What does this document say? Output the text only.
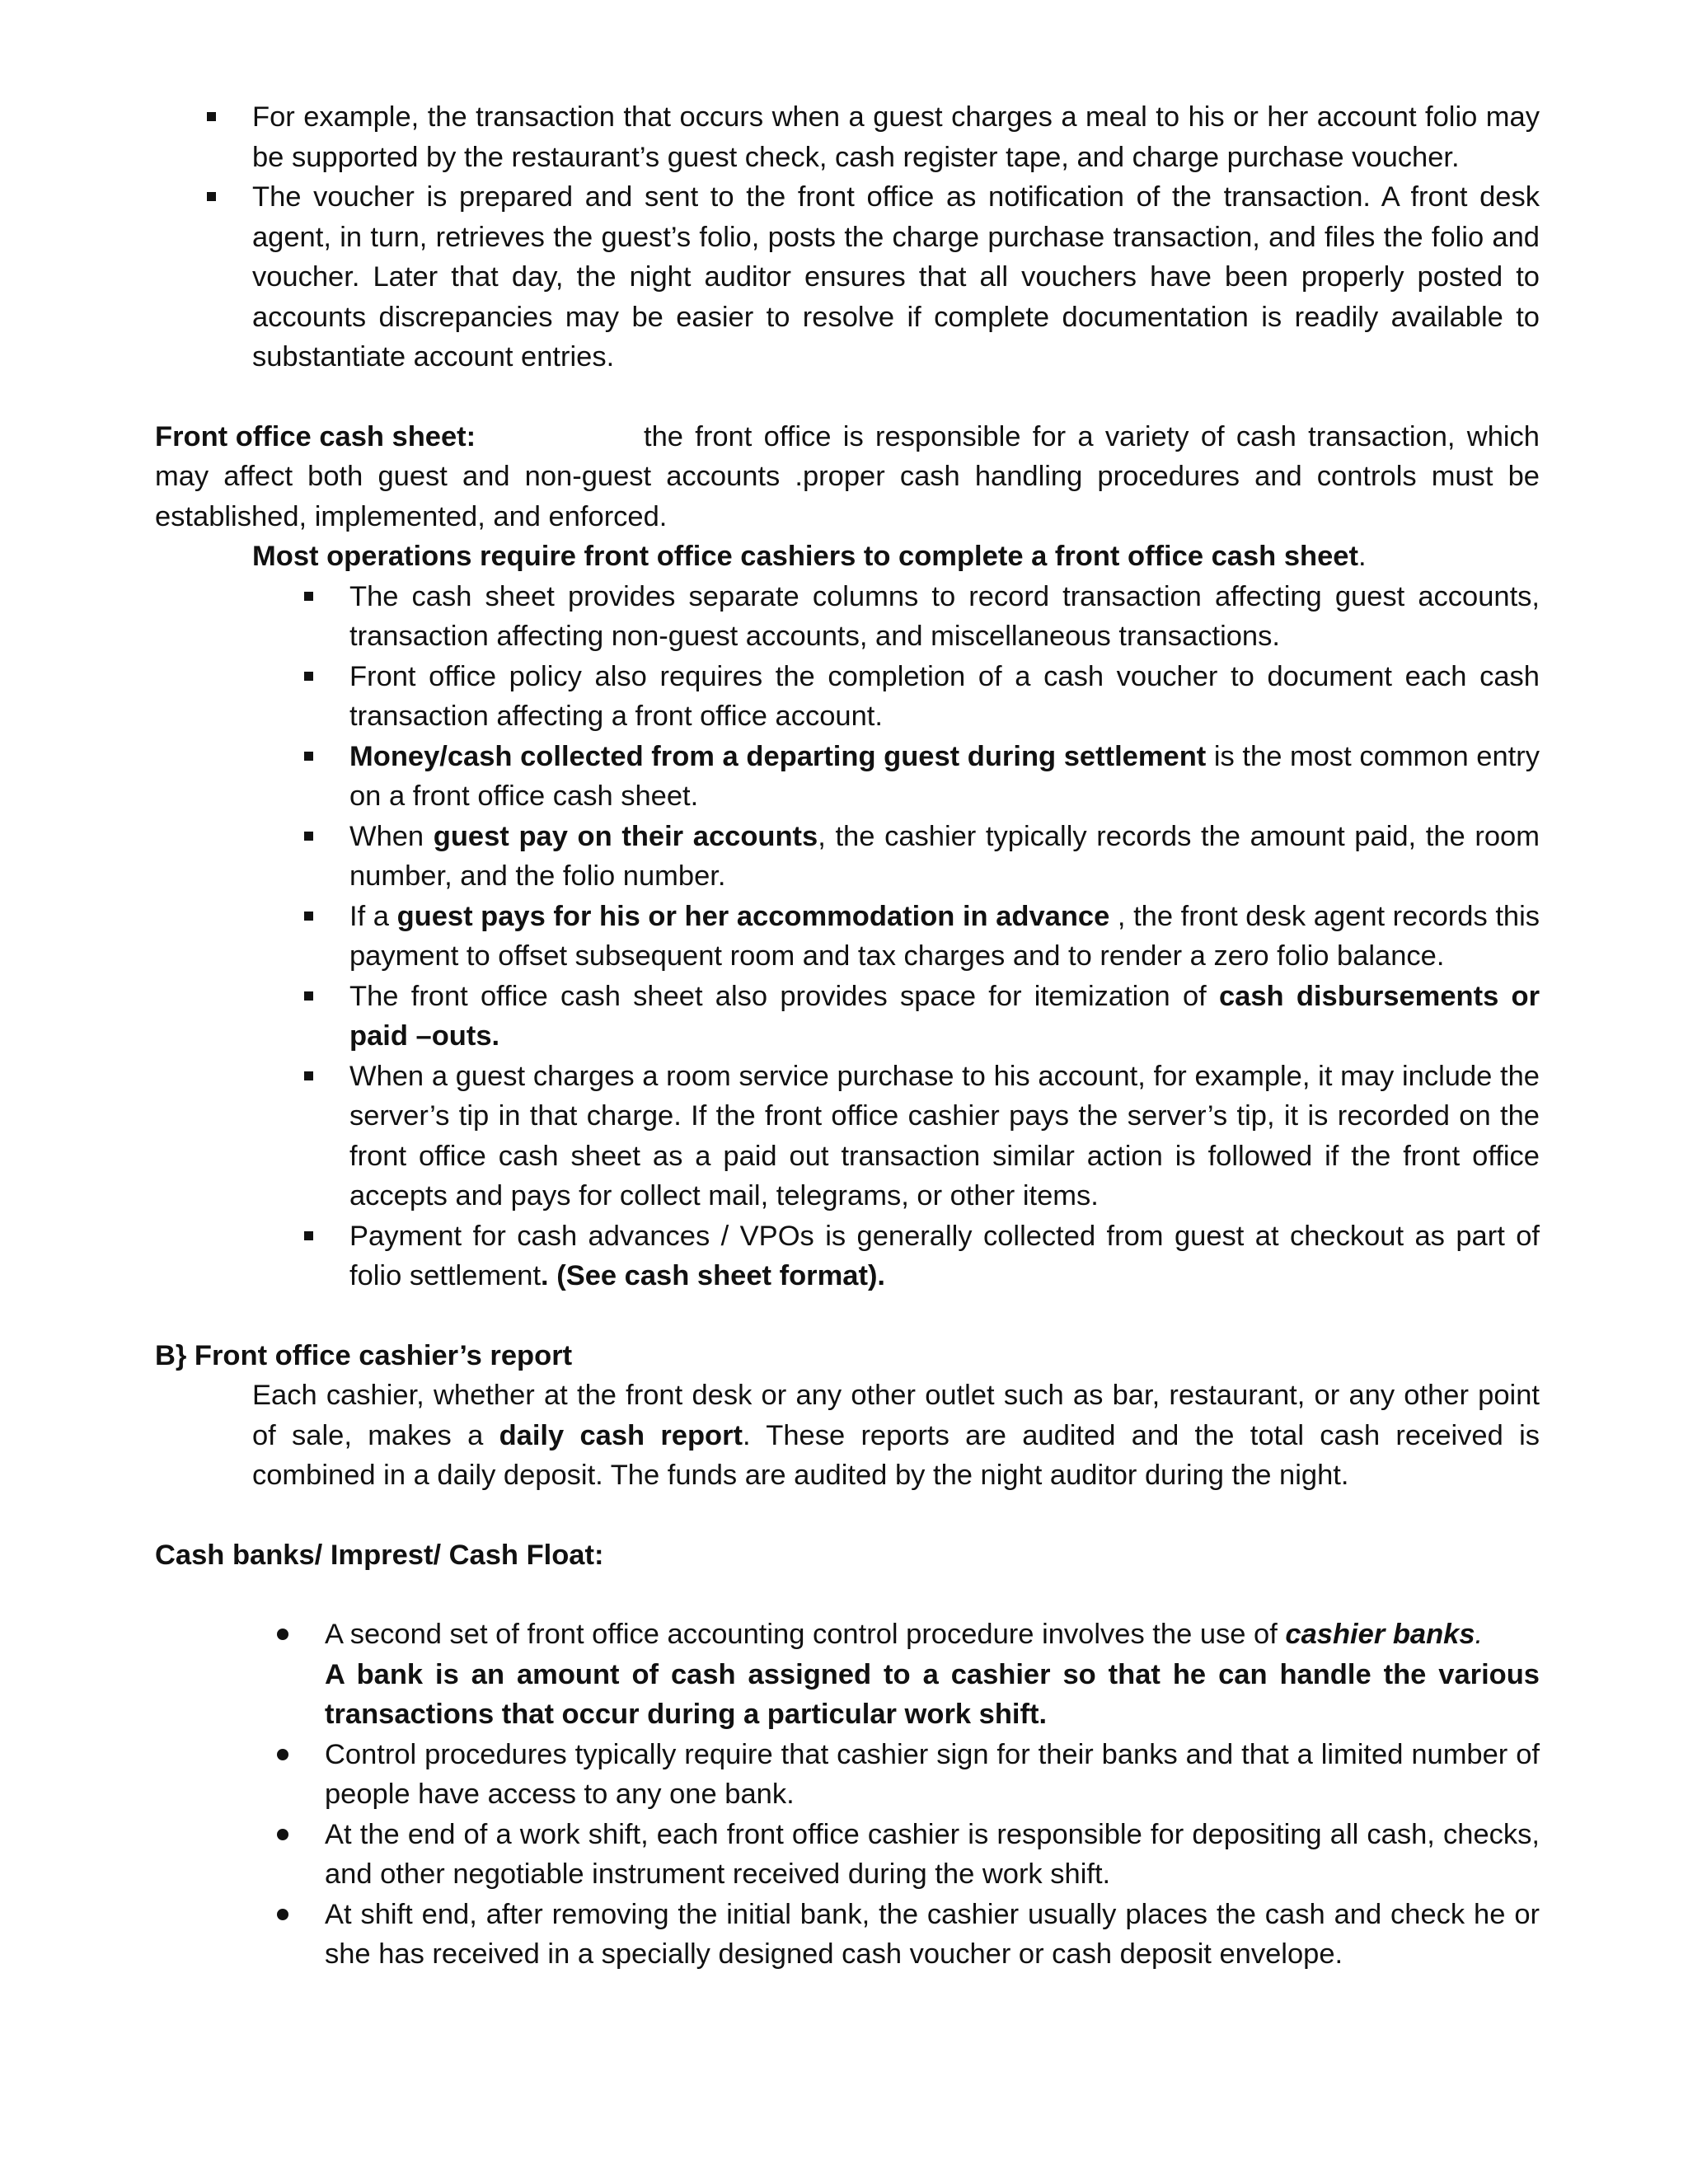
For example, the transaction that occurs when a guest charges a meal to his or her account folio may be supported by the restaurant’s guest check, cash register tape, and charge purchase voucher.
The voucher is prepared and sent to the front office as notification of the transaction. A front desk agent, in turn, retrieves the guest’s folio, posts the charge purchase transaction, and files the folio and voucher. Later that day, the night auditor ensures that all vouchers have been properly posted to accounts discrepancies may be easier to resolve if complete documentation is readily available to substantiate account entries.
Front office cash sheet:	the front office is responsible for a variety of cash transaction, which may affect both guest and non-guest accounts .proper cash handling procedures and controls must be established, implemented, and enforced.
Most operations require front office cashiers to complete a front office cash sheet.
The cash sheet provides separate columns to record transaction affecting guest accounts, transaction affecting non-guest accounts, and miscellaneous transactions.
Front office policy also requires the completion of a cash voucher to document each cash transaction affecting a front office account.
Money/cash collected from a departing guest during settlement is the most common entry on a front office cash sheet.
When guest pay on their accounts, the cashier typically records the amount paid, the room number, and the folio number.
If a guest pays for his or her accommodation in advance , the front desk agent records this payment to offset subsequent room and tax charges and to render a zero folio balance.
The front office cash sheet also provides space for itemization of cash disbursements or paid –outs.
When a guest charges a room service purchase to his account, for example, it may include the server’s tip in that charge. If the front office cashier pays the server’s tip, it is recorded on the front office cash sheet as a paid out transaction similar action is followed if the front office accepts and pays for collect mail, telegrams, or other items.
Payment for cash advances / VPOs is generally collected from guest at checkout as part of folio settlement. (See cash sheet format).
B} Front office cashier’s report
Each cashier, whether at the front desk or any other outlet such as bar, restaurant, or any other point of sale, makes a daily cash report. These reports are audited and the total cash received is combined in a daily deposit. The funds are audited by the night auditor during the night.
Cash banks/ Impres​t/ Cash Float:
A second set of front office accounting control procedure involves the use of cashier banks.
A bank is an amount of cash assigned to a cashier so that he can handle the various transactions that occur during a particular work shift.
Control procedures typically require that cashier sign for their banks and that a limited number of people have access to any one bank.
At the end of a work shift, each front office cashier is responsible for depositing all cash, checks, and other negotiable instrument received during the work shift.
At shift end, after removing the initial bank, the cashier usually places the cash and check he or she has received in a specially designed cash voucher or cash deposit envelope.
